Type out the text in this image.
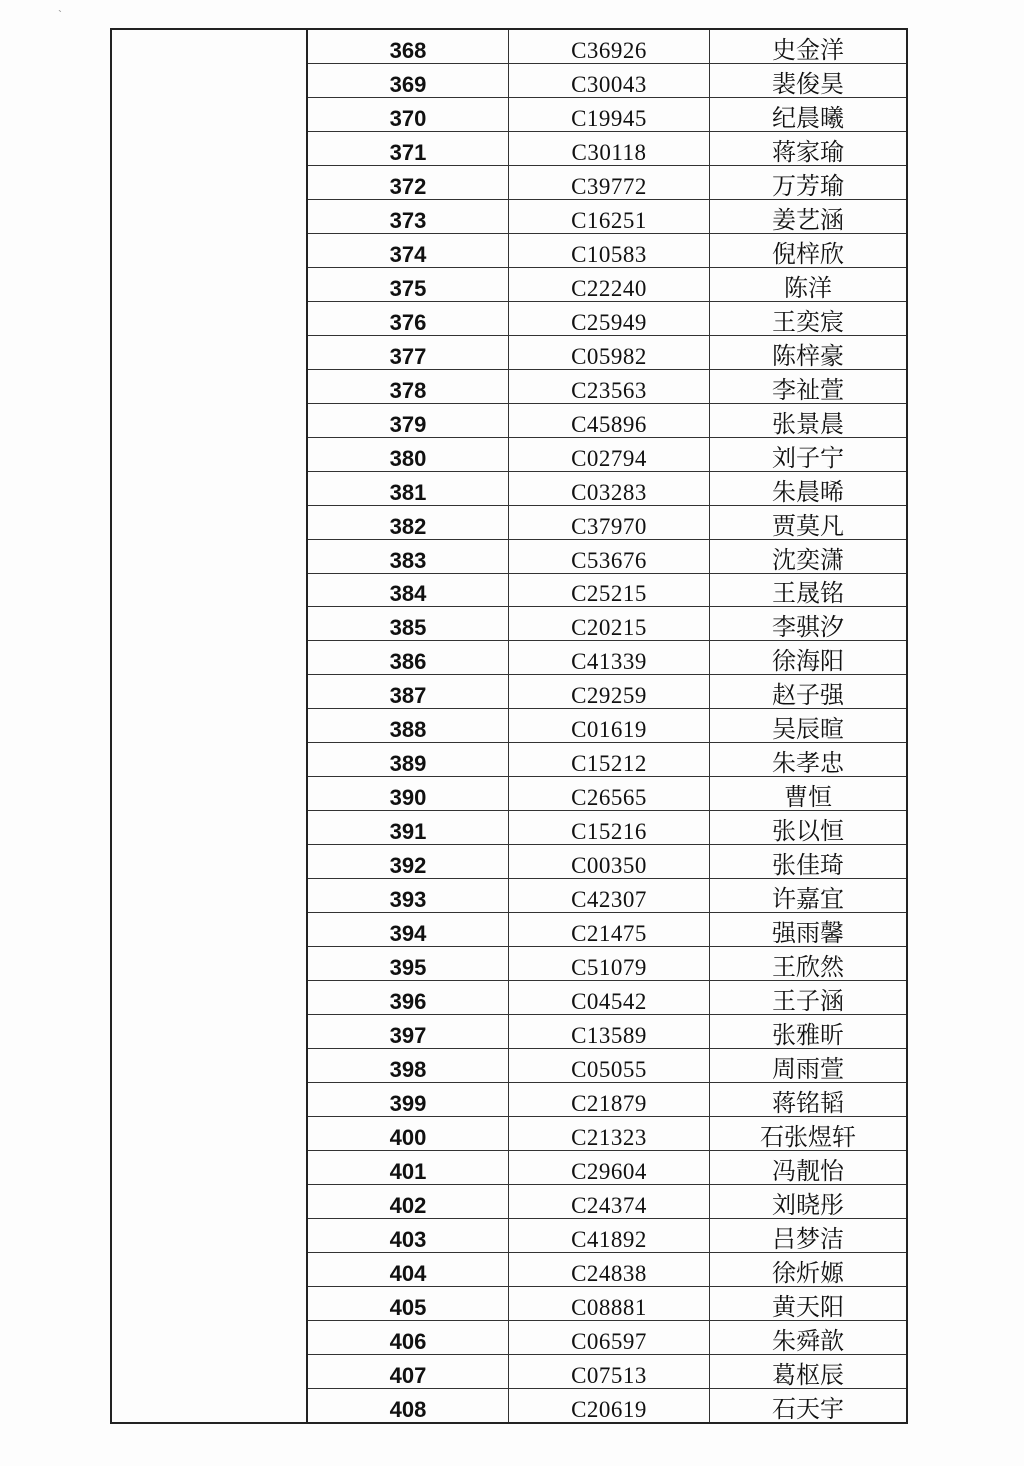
`
368	C36926	史金洋
369	C30043	裴俊昊
370	C19945	纪晨曦
371	C30118	蒋家瑜
372	C39772	万芳瑜
373	C16251	姜艺涵
374	C10583	倪梓欣
375	C22240	陈洋
376	C25949	王奕宸
377	C05982	陈梓豪
378	C23563	李祉萱
379	C45896	张景晨
380	C02794	刘子宁
381	C03283	朱晨晞
382	C37970	贾莫凡
383	C53676	沈奕潇
384	C25215	王晟铭
385	C20215	李骐汐
386	C41339	徐海阳
387	C29259	赵子强
388	C01619	吴辰暄
389	C15212	朱孝忠
390	C26565	曹恒
391	C15216	张以恒
392	C00350	张佳琦
393	C42307	许嘉宜
394	C21475	强雨馨
395	C51079	王欣然
396	C04542	王子涵
397	C13589	张雅昕
398	C05055	周雨萱
399	C21879	蒋铭韬
400	C21323	石张煜轩
401	C29604	冯靓怡
402	C24374	刘晓彤
403	C41892	吕梦洁
404	C24838	徐炘嫄
405	C08881	黄天阳
406	C06597	朱舜歆
407	C07513	葛枢辰
408	C20619	石天宇
